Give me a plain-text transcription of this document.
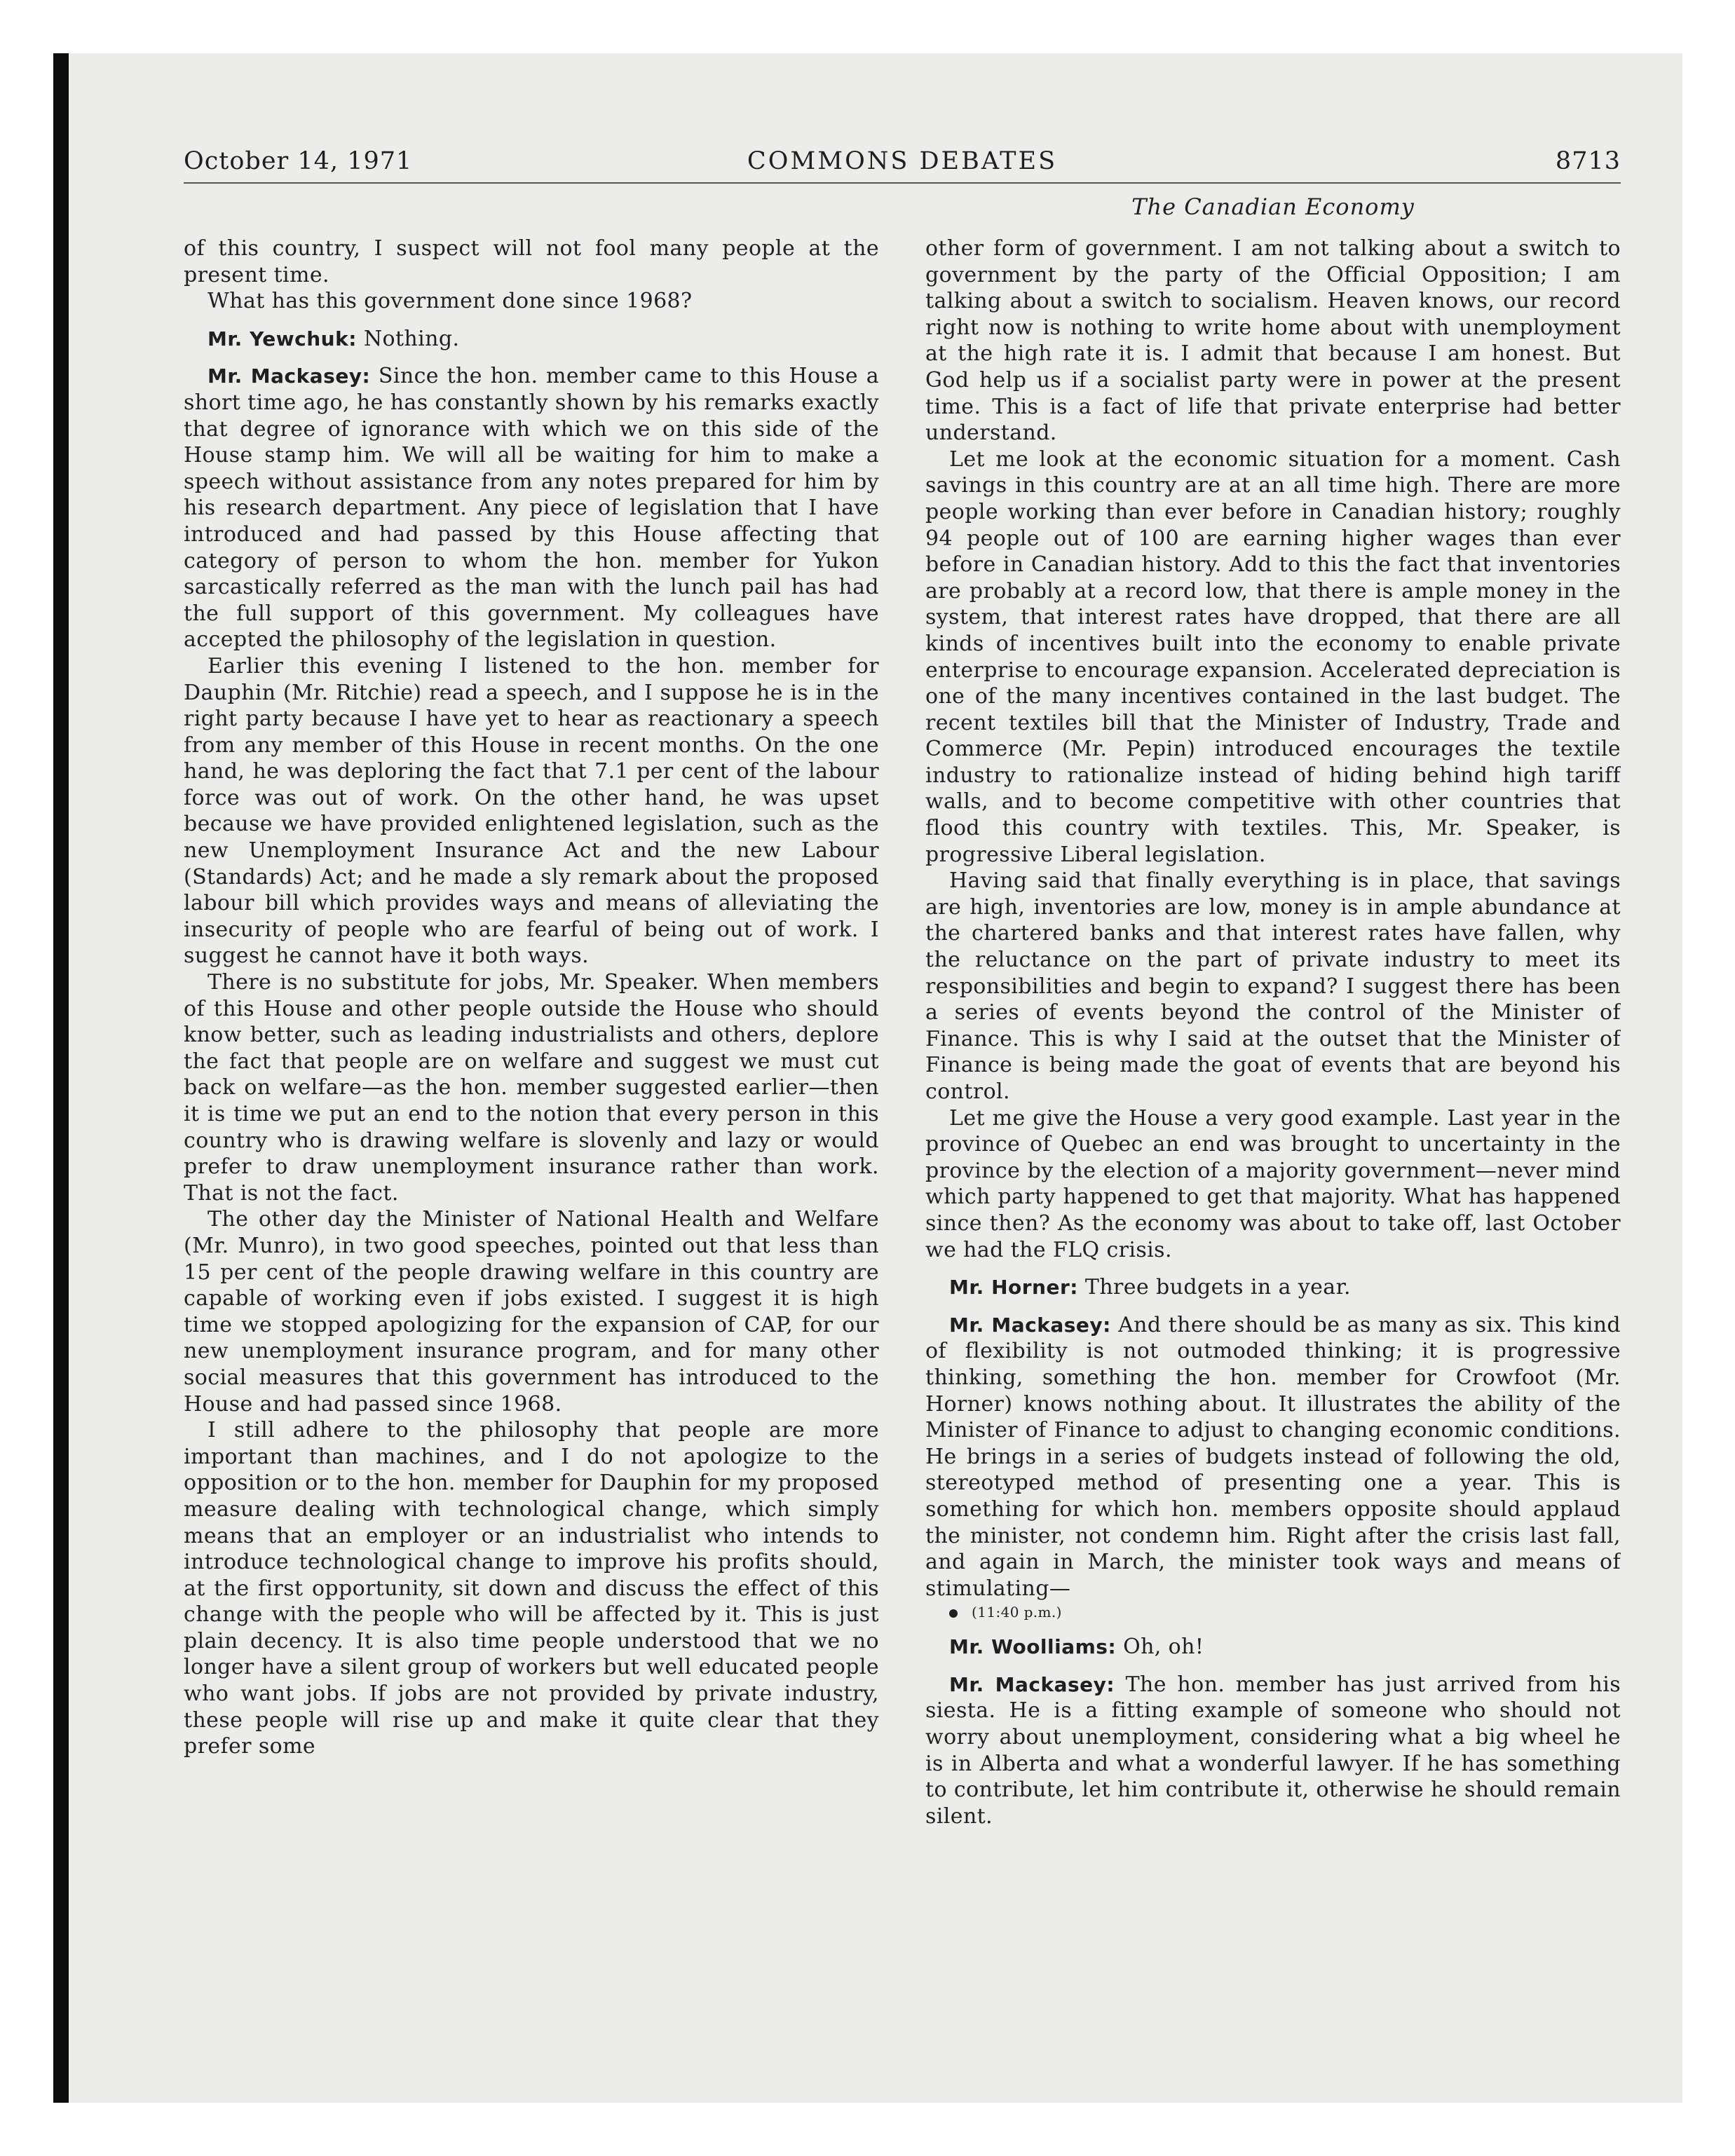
October 14, 1971	COMMONS DEBATES	8713
The Canadian Economy

of this country, I suspect will not fool many people at the present time.

What has this government done since 1968?

Mr. Yewchuk: Nothing.

Mr. Mackasey: Since the hon. member came to this House a short time ago, he has constantly shown by his remarks exactly that degree of ignorance with which we on this side of the House stamp him. We will all be waiting for him to make a speech without assistance from any notes prepared for him by his research department. Any piece of legislation that I have introduced and had passed by this House affecting that category of person to whom the hon. member for Yukon sarcastically referred as the man with the lunch pail has had the full support of this government. My colleagues have accepted the philosophy of the legislation in question.

Earlier this evening I listened to the hon. member for Dauphin (Mr. Ritchie) read a speech, and I suppose he is in the right party because I have yet to hear as reactionary a speech from any member of this House in recent months. On the one hand, he was deploring the fact that 7.1 per cent of the labour force was out of work. On the other hand, he was upset because we have provided enlightened legislation, such as the new Unemployment Insurance Act and the new Labour (Standards) Act; and he made a sly remark about the proposed labour bill which provides ways and means of alleviating the insecurity of people who are fearful of being out of work. I suggest he cannot have it both ways.

There is no substitute for jobs, Mr. Speaker. When members of this House and other people outside the House who should know better, such as leading industrialists and others, deplore the fact that people are on welfare and suggest we must cut back on welfare—as the hon. member suggested earlier—then it is time we put an end to the notion that every person in this country who is drawing welfare is slovenly and lazy or would prefer to draw unemployment insurance rather than work. That is not the fact.

The other day the Minister of National Health and Welfare (Mr. Munro), in two good speeches, pointed out that less than 15 per cent of the people drawing welfare in this country are capable of working even if jobs existed. I suggest it is high time we stopped apologizing for the expansion of CAP, for our new unemployment insurance program, and for many other social measures that this government has introduced to the House and had passed since 1968.

I still adhere to the philosophy that people are more important than machines, and I do not apologize to the opposition or to the hon. member for Dauphin for my proposed measure dealing with technological change, which simply means that an employer or an industrialist who intends to introduce technological change to improve his profits should, at the first opportunity, sit down and discuss the effect of this change with the people who will be affected by it. This is just plain decency. It is also time people understood that we no longer have a silent group of workers but well educated people who want jobs. If jobs are not provided by private industry, these people will rise up and make it quite clear that they prefer some

other form of government. I am not talking about a switch to government by the party of the Official Opposition; I am talking about a switch to socialism. Heaven knows, our record right now is nothing to write home about with unemployment at the high rate it is. I admit that because I am honest. But God help us if a socialist party were in power at the present time. This is a fact of life that private enterprise had better understand.

Let me look at the economic situation for a moment. Cash savings in this country are at an all time high. There are more people working than ever before in Canadian history; roughly 94 people out of 100 are earning higher wages than ever before in Canadian history. Add to this the fact that inventories are probably at a record low, that there is ample money in the system, that interest rates have dropped, that there are all kinds of incentives built into the economy to enable private enterprise to encourage expansion. Accelerated depreciation is one of the many incentives contained in the last budget. The recent textiles bill that the Minister of Industry, Trade and Commerce (Mr. Pepin) introduced encourages the textile industry to rationalize instead of hiding behind high tariff walls, and to become competitive with other countries that flood this country with textiles. This, Mr. Speaker, is progressive Liberal legislation.

Having said that finally everything is in place, that savings are high, inventories are low, money is in ample abundance at the chartered banks and that interest rates have fallen, why the reluctance on the part of private industry to meet its responsibilities and begin to expand? I suggest there has been a series of events beyond the control of the Minister of Finance. This is why I said at the outset that the Minister of Finance is being made the goat of events that are beyond his control.

Let me give the House a very good example. Last year in the province of Quebec an end was brought to uncertainty in the province by the election of a majority government—never mind which party happened to get that majority. What has happened since then? As the economy was about to take off, last October we had the FLQ crisis.

Mr. Horner: Three budgets in a year.

Mr. Mackasey: And there should be as many as six. This kind of flexibility is not outmoded thinking; it is progressive thinking, something the hon. member for Crowfoot (Mr. Horner) knows nothing about. It illustrates the ability of the Minister of Finance to adjust to changing economic conditions. He brings in a series of budgets instead of following the old, stereotyped method of presenting one a year. This is something for which hon. members opposite should applaud the minister, not condemn him. Right after the crisis last fall, and again in March, the minister took ways and means of stimulating—

(11:40 p.m.)

Mr. Woolliams: Oh, oh!

Mr. Mackasey: The hon. member has just arrived from his siesta. He is a fitting example of someone who should not worry about unemployment, considering what a big wheel he is in Alberta and what a wonderful lawyer. If he has something to contribute, let him contribute it, otherwise he should remain silent.
